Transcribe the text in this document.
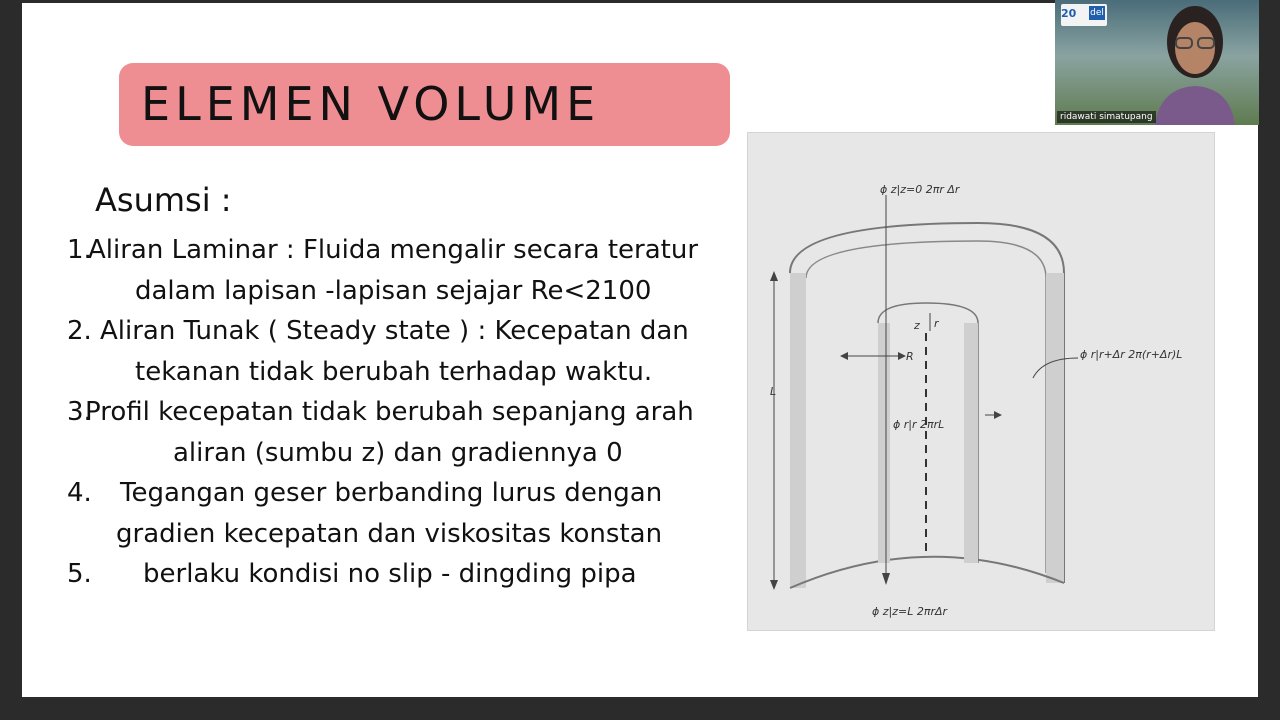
ELEMEN VOLUME
Asumsi :
1.
Aliran Laminar : Fluida mengalir secara teratur
dalam lapisan -lapisan sejajar Re<2100
2. Aliran Tunak ( Steady state ) : Kecepatan dan
tekanan tidak berubah terhadap waktu.
3.
Profil kecepatan tidak berubah sepanjang arah
aliran (sumbu z) dan gradiennya 0
4. Tegangan geser berbanding lurus dengan
gradien kecepatan dan viskositas konstan
5. berlaku kondisi no slip - dingding pipa
ϕ z|z=0 2πr Δr
ϕ r|r+Δr 2π(r+Δr)L
ϕ r|r 2πrL
ϕ z|z=L 2πrΔr
L
R
z r
20 del
ridawati simatupang
